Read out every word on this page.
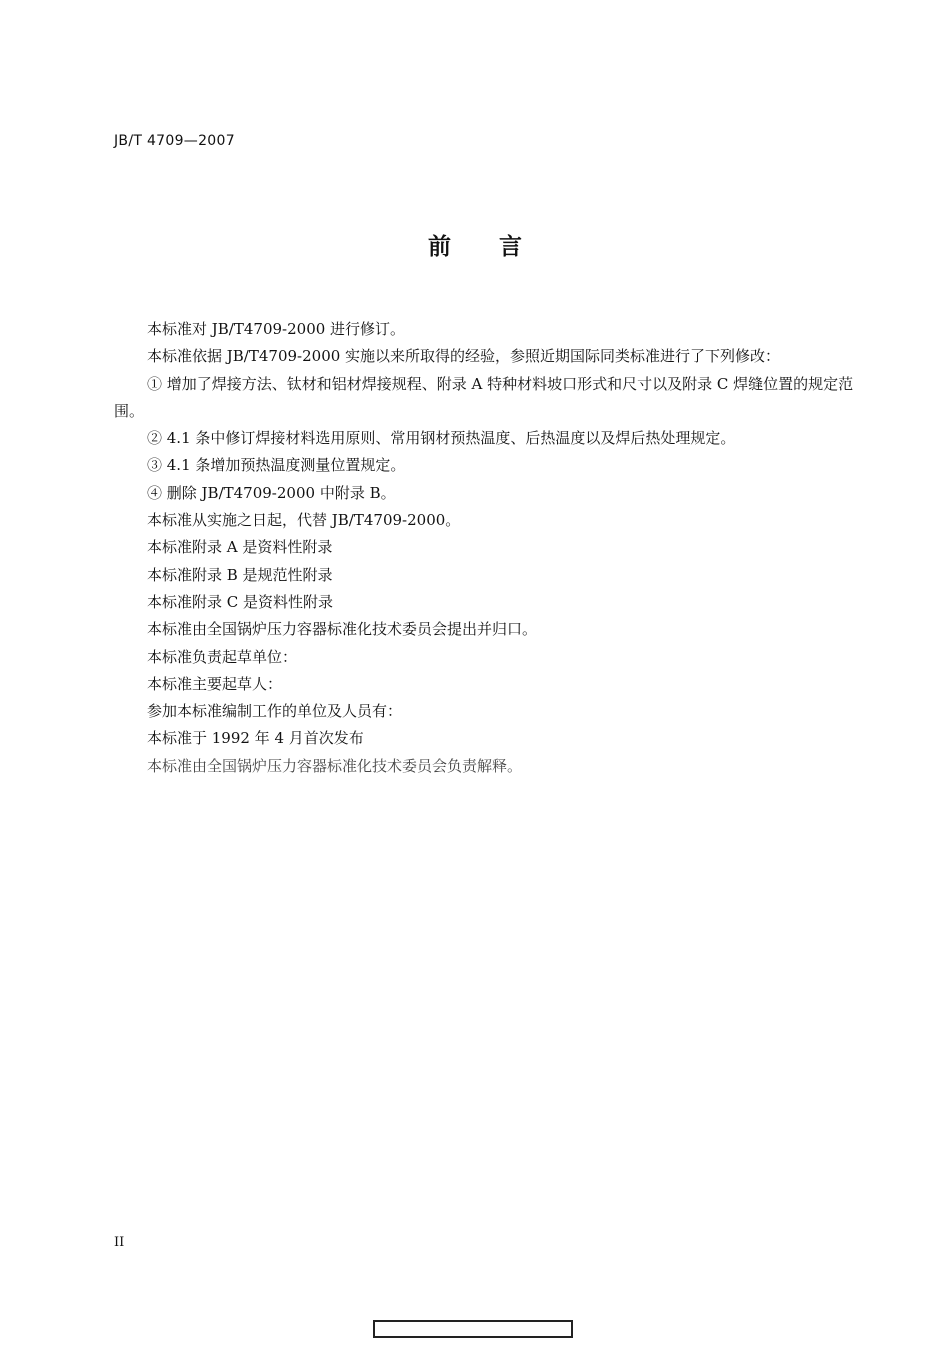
JB/T 4709—2007
前      言

本标准对 JB/T4709-2000 进行修订。

本标准依据 JB/T4709-2000 实施以来所取得的经验，参照近期国际同类标准进行了下列修改：

① 增加了焊接方法、钛材和铝材焊接规程、附录 A 特种材料坡口形式和尺寸以及附录 C 焊缝位置的规定范围。

② 4.1 条中修订焊接材料选用原则、常用钢材预热温度、后热温度以及焊后热处理规定。

③ 4.1 条增加预热温度测量位置规定。

④ 删除 JB/T4709-2000 中附录 B。

本标准从实施之日起，代替 JB/T4709-2000。

本标准附录 A 是资料性附录

本标准附录 B 是规范性附录

本标准附录 C 是资料性附录

本标准由全国锅炉压力容器标准化技术委员会提出并归口。

本标准负责起草单位：

本标准主要起草人：

参加本标准编制工作的单位及人员有：

本标准于 1992 年 4 月首次发布

本标准由全国锅炉压力容器标准化技术委员会负责解释。

II
